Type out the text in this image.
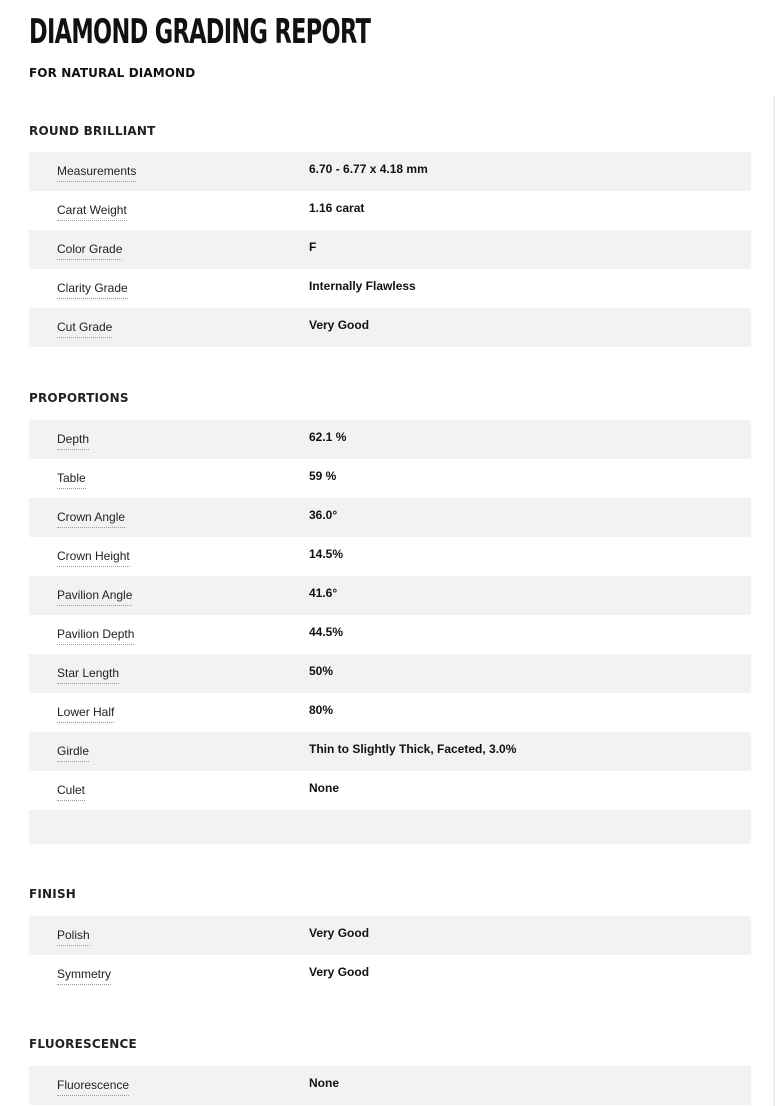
DIAMOND GRADING REPORT
FOR NATURAL DIAMOND
ROUND BRILLIANT
Measurements	6.70 - 6.77 x 4.18 mm
Carat Weight	1.16 carat
Color Grade	F
Clarity Grade	Internally Flawless
Cut Grade	Very Good
PROPORTIONS
Depth	62.1 %
Table	59 %
Crown Angle	36.0°
Crown Height	14.5%
Pavilion Angle	41.6°
Pavilion Depth	44.5%
Star Length	50%
Lower Half	80%
Girdle	Thin to Slightly Thick, Faceted, 3.0%
Culet	None
FINISH
Polish	Very Good
Symmetry	Very Good
FLUORESCENCE
Fluorescence	None
